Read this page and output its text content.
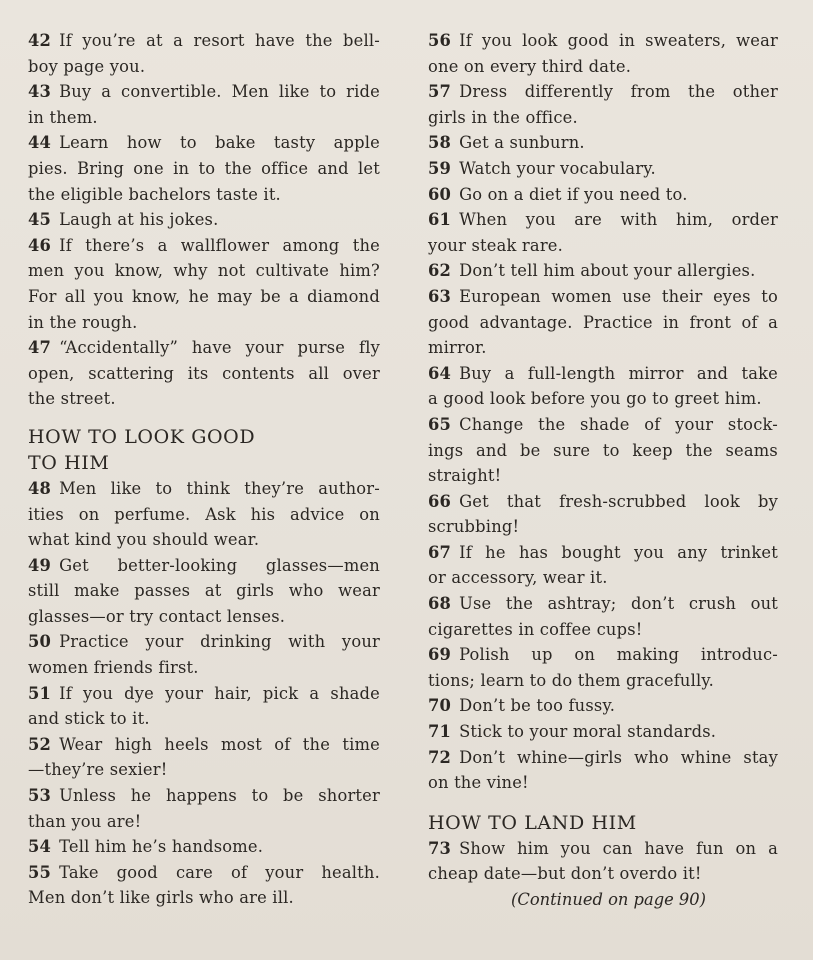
42 If you’re at a resort have the bell-
boy page you.
43 Buy a convertible. Men like to ride
in them.
44 Learn how to bake tasty apple
pies. Bring one in to the office and let
the eligible bachelors taste it.
45 Laugh at his jokes.
46 If there’s a wallflower among the
men you know, why not cultivate him?
For all you know, he may be a diamond
in the rough.
47 “Accidentally” have your purse fly
open, scattering its contents all over
the street.
HOW TO LOOK GOOD
TO HIM
48 Men like to think they’re author-
ities on perfume. Ask his advice on
what kind you should wear.
49 Get better-looking glasses—men
still make passes at girls who wear
glasses—or try contact lenses.
50 Practice your drinking with your
women friends first.
51 If you dye your hair, pick a shade
and stick to it.
52 Wear high heels most of the time
—they’re sexier!
53 Unless he happens to be shorter
than you are!
54 Tell him he’s handsome.
55 Take good care of your health.
Men don’t like girls who are ill.
56 If you look good in sweaters, wear
one on every third date.
57 Dress differently from the other
girls in the office.
58 Get a sunburn.
59 Watch your vocabulary.
60 Go on a diet if you need to.
61 When you are with him, order
your steak rare.
62 Don’t tell him about your allergies.
63 European women use their eyes to
good advantage. Practice in front of a
mirror.
64 Buy a full-length mirror and take
a good look before you go to greet him.
65 Change the shade of your stock-
ings and be sure to keep the seams
straight!
66 Get that fresh-scrubbed look by
scrubbing!
67 If he has bought you any trinket
or accessory, wear it.
68 Use the ashtray; don’t crush out
cigarettes in coffee cups!
69 Polish up on making introduc-
tions; learn to do them gracefully.
70 Don’t be too fussy.
71 Stick to your moral standards.
72 Don’t whine—girls who whine stay
on the vine!
HOW TO LAND HIM
73 Show him you can have fun on a
cheap date—but don’t overdo it!
(Continued on page 90)
